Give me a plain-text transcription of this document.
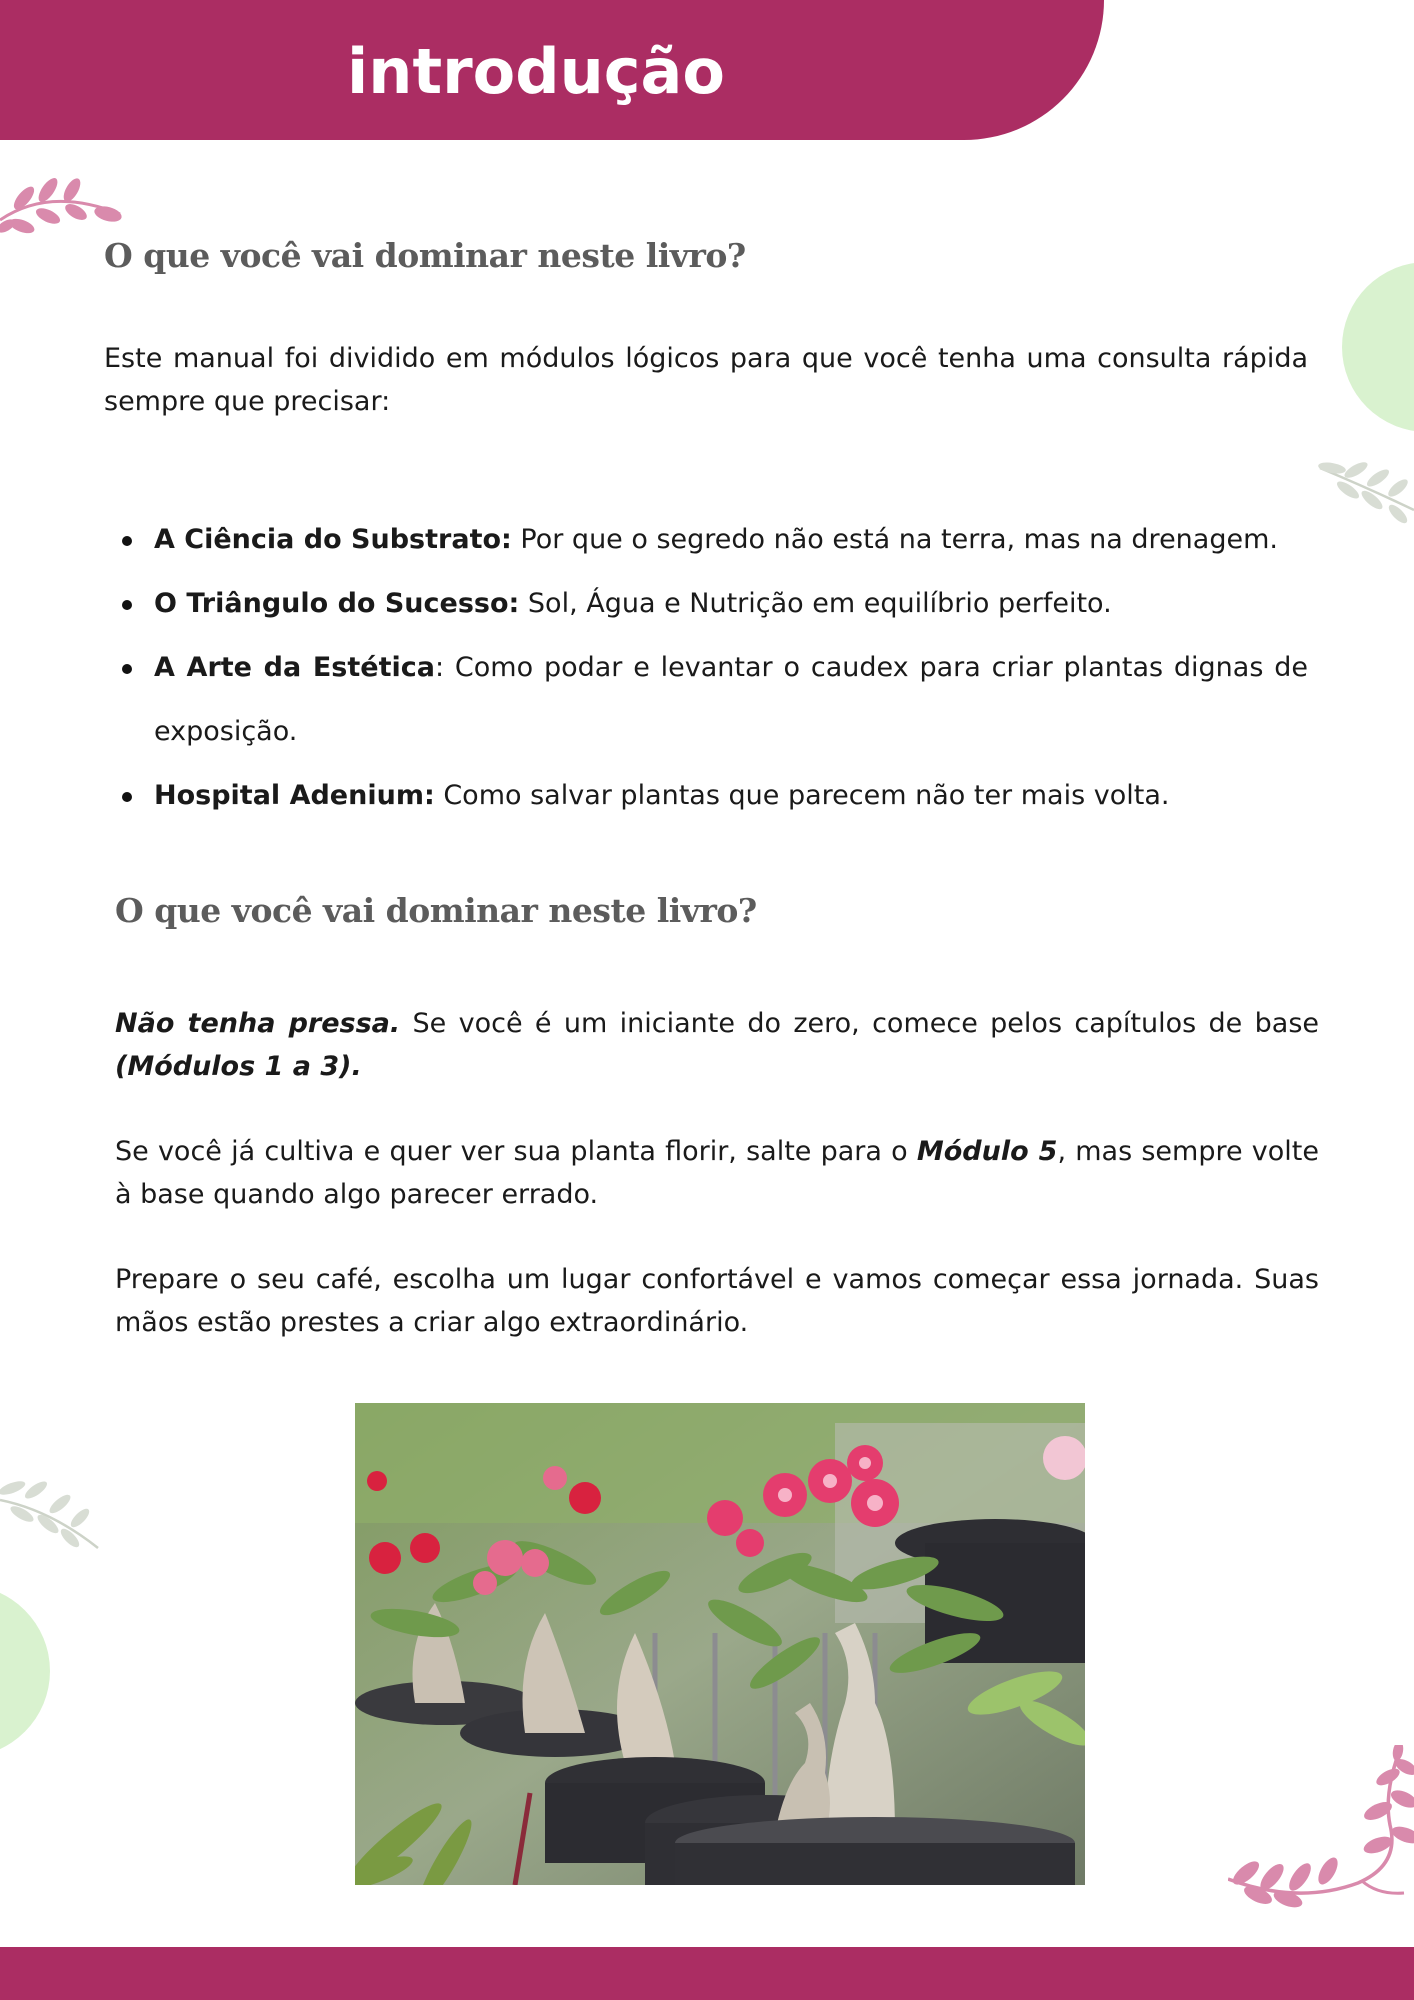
introdução
O que você vai dominar neste livro?

Este manual foi dividido em módulos lógicos para que você tenha uma consulta rápida sempre que precisar:

A Ciência do Substrato: Por que o segredo não está na terra, mas na drenagem.
O Triângulo do Sucesso: Sol, Água e Nutrição em equilíbrio perfeito.
A Arte da Estética: Como podar e levantar o caudex para criar plantas dignas de exposição.
Hospital Adenium: Como salvar plantas que parecem não ter mais volta.
O que você vai dominar neste livro?

Não tenha pressa. Se você é um iniciante do zero, comece pelos capítulos de base (Módulos 1 a 3).

Se você já cultiva e quer ver sua planta florir, salte para o Módulo 5, mas sempre volte à base quando algo parecer errado.

Prepare o seu café, escolha um lugar confortável e vamos começar essa jornada. Suas mãos estão prestes a criar algo extraordinário.
